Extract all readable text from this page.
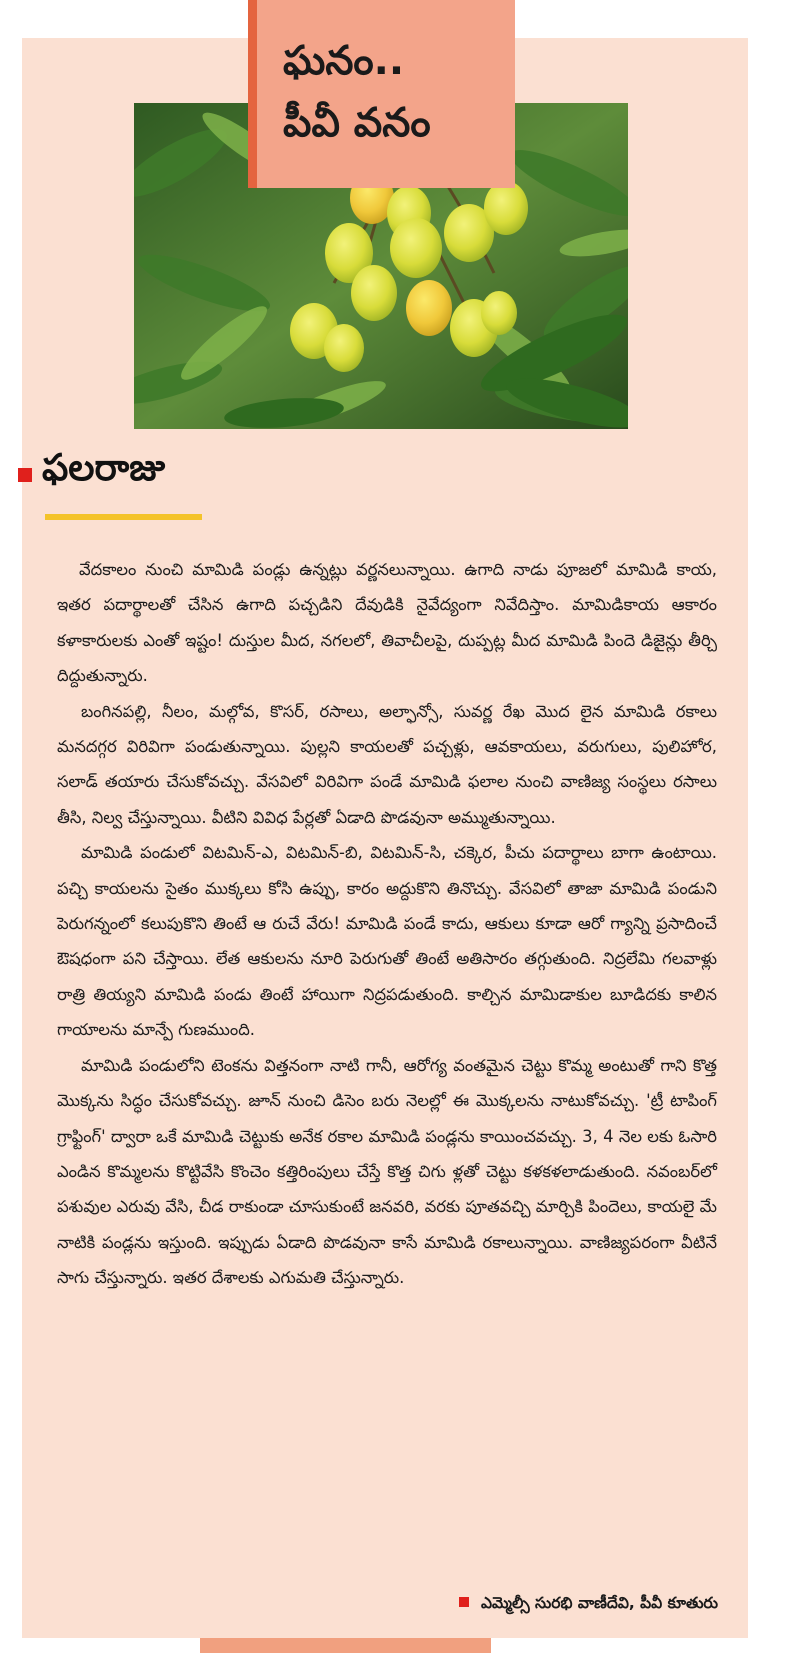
ఘనం..
పీవీ వనం
ఫలరాజు

వేదకాలం నుంచి మామిడి పండ్లు ఉన్నట్లు వర్ణనలున్నాయి. ఉగాది నాడు పూజలో మామిడి కాయ, ఇతర పదార్థాలతో చేసిన ఉగాది పచ్చడిని దేవుడికి నైవేద్యంగా నివేదిస్తాం. మామిడికాయ ఆకారం కళాకారులకు ఎంతో ఇష్టం! దుస్తుల మీద, నగలలో, తివాచీలపై, దుప్పట్ల మీద మామిడి పిందె డిజైన్లు తీర్చి దిద్దుతున్నారు.

బంగినపల్లి, నీలం, మల్గోవ, కొసర్, రసాలు, అల్ఫాన్సో, సువర్ణ రేఖ మొద లైన మామిడి రకాలు మనదగ్గర విరివిగా పండుతున్నాయి. పుల్లని కాయలతో పచ్చళ్లు, ఆవకాయలు, వరుగులు, పులిహోర, సలాడ్ తయారు చేసుకోవచ్చు. వేసవిలో విరివిగా పండే మామిడి ఫలాల నుంచి వాణిజ్య సంస్థలు రసాలు తీసి, నిల్వ చేస్తున్నాయి. వీటిని వివిధ పేర్లతో ఏడాది పొడవునా అమ్ముతున్నాయి.

మామిడి పండులో విటమిన్-ఎ, విటమిన్-బి, విటమిన్-సి, చక్కెర, పీచు పదార్థాలు బాగా ఉంటాయి. పచ్చి కాయలను సైతం ముక్కలు కోసి ఉప్పు, కారం అద్దుకొని తినొచ్చు. వేసవిలో తాజా మామిడి పండుని పెరుగన్నంలో కలుపుకొని తింటే ఆ రుచే వేరు! మామిడి పండే కాదు, ఆకులు కూడా ఆరో గ్యాన్ని ప్రసాదించే ఔషధంగా పని చేస్తాయి. లేత ఆకులను నూరి పెరుగుతో తింటే అతిసారం తగ్గుతుంది. నిద్రలేమి గలవాళ్లు రాత్రి తియ్యని మామిడి పండు తింటే హాయిగా నిద్రపడుతుంది. కాల్చిన మామిడాకుల బూడిదకు కాలిన గాయాలను మాన్పే గుణముంది.

మామిడి పండులోని టెంకను విత్తనంగా నాటి గానీ, ఆరోగ్య వంతమైన చెట్టు కొమ్మ అంటుతో గాని కొత్త మొక్కను సిద్ధం చేసుకోవచ్చు. జూన్ నుంచి డిసెం బరు నెలల్లో ఈ మొక్కలను నాటుకోవచ్చు. 'ట్రీ టాపింగ్ గ్రాఫ్టింగ్' ద్వారా ఒకే మామిడి చెట్టుకు అనేక రకాల మామిడి పండ్లను కాయించవచ్చు. 3, 4 నెల లకు ఓసారి ఎండిన కొమ్మలను కొట్టివేసి కొంచెం కత్తిరింపులు చేస్తే కొత్త చిగు ళ్లతో చెట్టు కళకళలాడుతుంది. నవంబర్‌లో పశువుల ఎరువు వేసి, చీడ రాకుండా చూసుకుంటే జనవరి, వరకు పూతవచ్చి మార్చికి పిందెలు, కాయలై మే నాటికి పండ్లను ఇస్తుంది. ఇప్పుడు ఏడాది పొడవునా కాసే మామిడి రకాలున్నాయి. వాణిజ్యపరంగా వీటినే సాగు చేస్తున్నారు. ఇతర దేశాలకు ఎగుమతి చేస్తున్నారు.

ఎమ్మెల్సీ సురభి వాణీదేవి, పీవీ కూతురు
